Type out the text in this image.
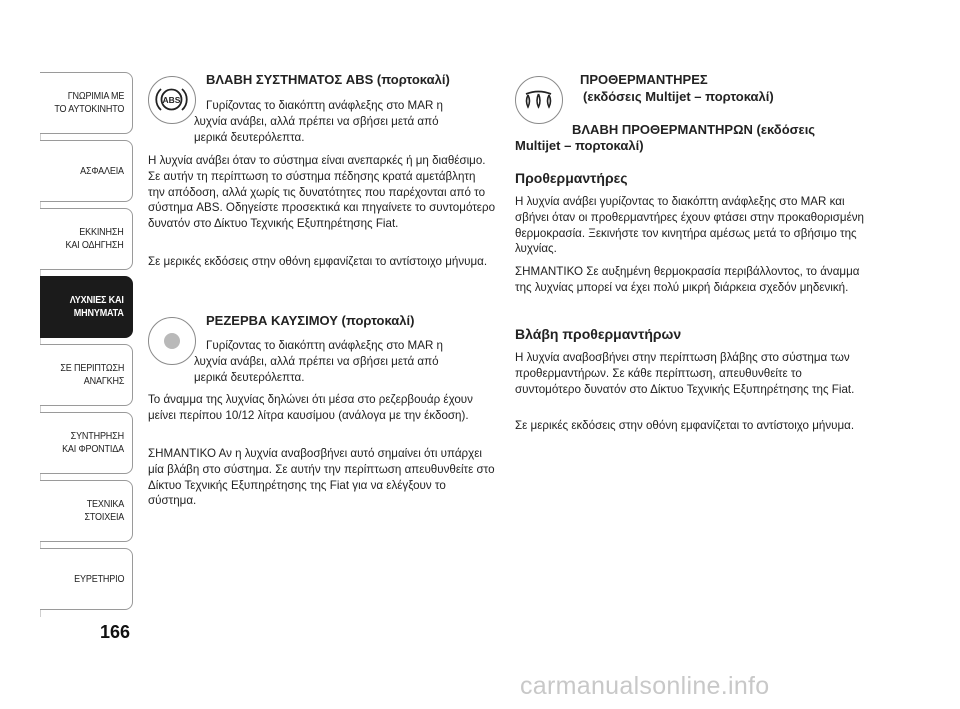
ΓΝΩΡΙΜΙΑ ΜΕ
ΤΟ ΑΥΤΟΚΙΝΗΤΟ
ΑΣΦΑΛΕΙΑ
ΕΚΚΙΝΗΣΗ
ΚΑΙ ΟΔΗΓΗΣΗ
ΛΥΧΝΙΕΣ ΚΑΙ
ΜΗΝΥΜΑΤΑ
ΣΕ ΠΕΡΙΠΤΩΣΗ
ΑΝΑΓΚΗΣ
ΣΥΝΤΗΡΗΣΗ
ΚΑΙ ΦΡΟΝΤΙΔΑ
ΤΕΧΝΙΚΑ
ΣΤΟΙΧΕΙΑ
ΕΥΡΕΤΗΡΙΟ
166
ABS
ΒΛΑΒΗ ΣΥΣΤΗΜΑΤΟΣ ABS (πορτοκαλί)
Γυρίζοντας το διακόπτη ανάφλεξης στο MAR η
λυχνία ανάβει, αλλά πρέπει να σβήσει μετά από
μερικά δευτερόλεπτα.

Η λυχνία ανάβει όταν το σύστημα είναι ανεπαρκές ή μη διαθέσιμο. Σε αυτήν τη περίπτωση το σύστημα πέδησης κρατά αμετάβλητη την απόδοση, αλλά χωρίς τις δυνατότητες που παρέχονται από το σύστημα ABS. Οδηγείστε προσεκτικά και πηγαίνετε το συντομότερο δυνατόν στο Δίκτυο Τεχνικής Εξυπηρέτησης Fiat.

Σε μερικές εκδόσεις στην οθόνη εμφανίζεται το αντίστοιχο μήνυμα.

ΡΕΖΕΡΒΑ ΚΑΥΣΙΜΟΥ (πορτοκαλί)
Γυρίζοντας το διακόπτη ανάφλεξης στο MAR η
λυχνία ανάβει, αλλά πρέπει να σβήσει μετά από
μερικά δευτερόλεπτα.

Το άναμμα της λυχνίας δηλώνει ότι μέσα στο ρεζερβουάρ έχουν μείνει περίπου 10/12 λίτρα καυσίμου (ανάλογα με την έκδοση).

ΣΗΜΑΝΤΙΚΟ Αν η λυχνία αναβοσβήνει αυτό σημαίνει ότι υπάρχει μία βλάβη στο σύστημα. Σε αυτήν την περίπτωση απευθυνθείτε στο Δίκτυο Τεχνικής Εξυπηρέτησης της Fiat για να ελέγξουν το σύστημα.

ΠΡΟΘΕΡΜΑΝΤΗΡΕΣ
(εκδόσεις Multijet – πορτοκαλί)
ΒΛΑΒΗ ΠΡΟΘΕΡΜΑΝΤΗΡΩΝ (εκδόσεις
Multijet – πορτοκαλί)
Προθερμαντήρες

Η λυχνία ανάβει γυρίζοντας το διακόπτη ανάφλεξης στο MAR και σβήνει όταν οι προθερμαντήρες έχουν φτάσει στην προκαθορισμένη θερμοκρασία. Ξεκινήστε τον κινητήρα αμέσως μετά το σβήσιμο της λυχνίας.

ΣΗΜΑΝΤΙΚΟ Σε αυξημένη θερμοκρασία περιβάλλοντος, το άναμμα της λυχνίας μπορεί να έχει πολύ μικρή διάρκεια σχεδόν μηδενική.

Βλάβη προθερμαντήρων

Η λυχνία αναβοσβήνει στην περίπτωση βλάβης στο σύστημα των προθερμαντήρων. Σε κάθε περίπτωση, απευθυνθείτε το συντομότερο δυνατόν στο Δίκτυο Τεχνικής Εξυπηρέτησης της Fiat.

Σε μερικές εκδόσεις στην οθόνη εμφανίζεται το αντίστοιχο μήνυμα.

carmanualsonline.info
